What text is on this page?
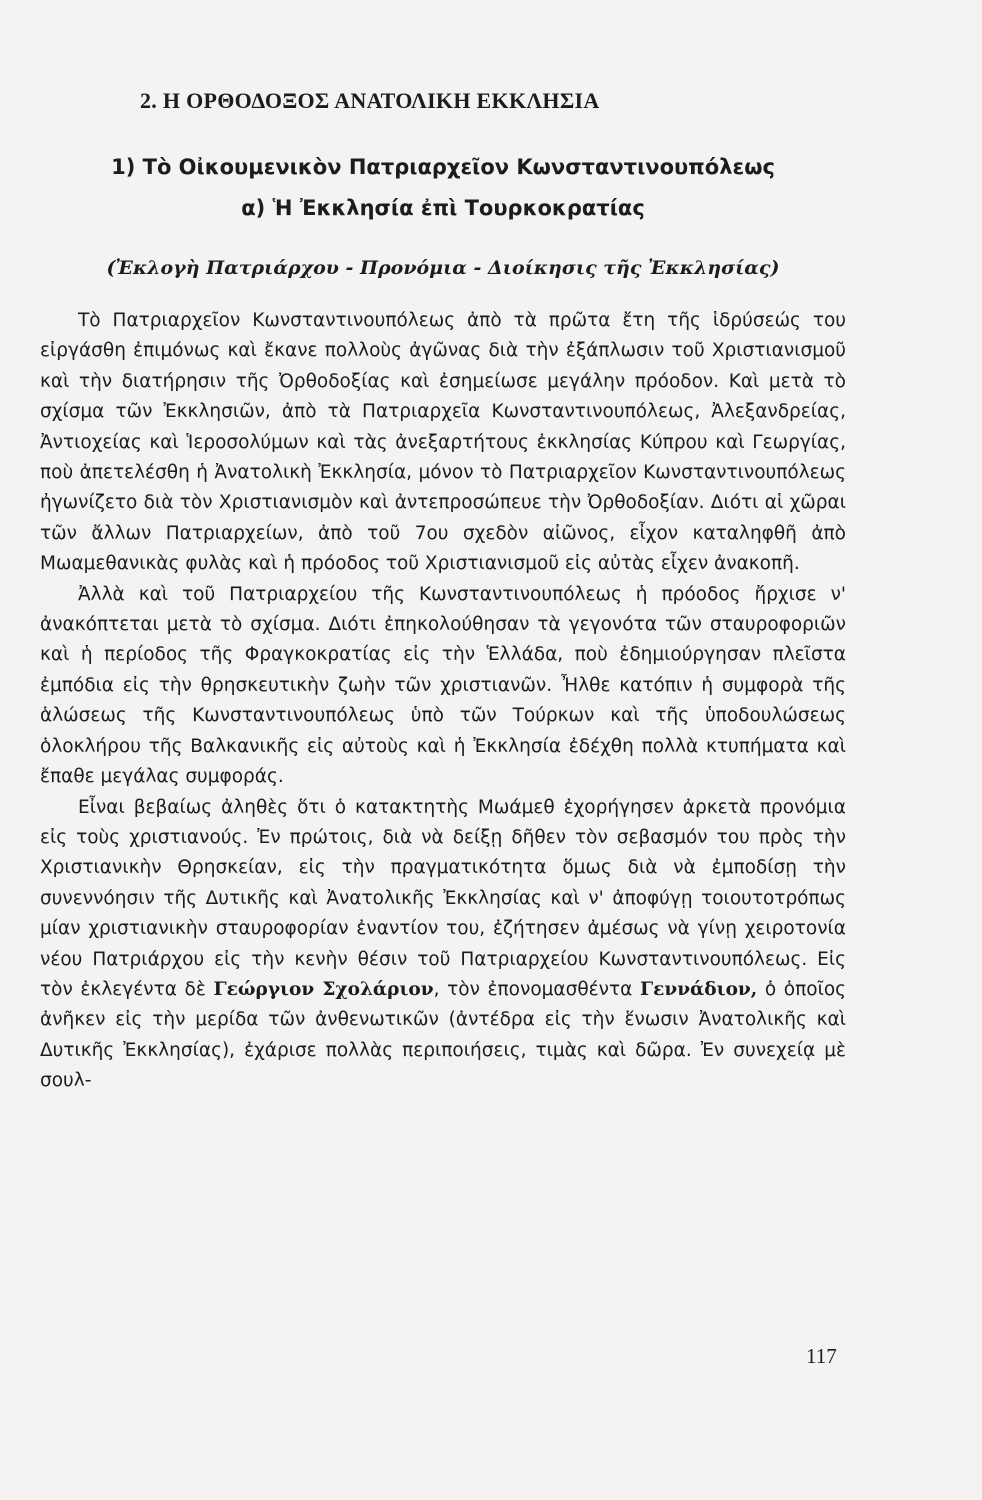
2. Η ΟΡΘΟΔΟΞΟΣ ΑΝΑΤΟΛΙΚΗ ΕΚΚΛΗΣΙΑ
1) Τὸ Οἰκουμενικὸν Πατριαρχεῖον Κωνσταντινουπόλεως
α) Ἡ Ἐκκλησία ἐπὶ Τουρκοκρατίας
(Ἐκλογὴ Πατριάρχου - Προνόμια - Διοίκησις τῆς Ἐκκλησίας)

Τὸ Πατριαρχεῖον Κωνσταντινουπόλεως ἀπὸ τὰ πρῶτα ἔτη τῆς ἱδρύσεώς του εἰργάσθη ἐπιμόνως καὶ ἔκανε πολλοὺς ἀγῶνας διὰ τὴν ἐξάπλωσιν τοῦ Χριστιανισμοῦ καὶ τὴν διατήρησιν τῆς Ὀρθοδοξίας καὶ ἐσημείωσε μεγάλην πρόοδον. Καὶ μετὰ τὸ σχίσμα τῶν Ἐκκλησιῶν, ἀπὸ τὰ Πατριαρχεῖα Κωνσταντινουπόλεως, Ἀλεξανδρείας, Ἀντιοχείας καὶ Ἱεροσολύμων καὶ τὰς ἀνεξαρτήτους ἐκκλησίας Κύπρου καὶ Γεωργίας, ποὺ ἀπετελέσθη ἡ Ἀνατολικὴ Ἐκκλησία, μόνον τὸ Πατριαρχεῖον Κωνσταντινουπόλεως ἠγωνίζετο διὰ τὸν Χριστιανισμὸν καὶ ἀντεπροσώπευε τὴν Ὀρθοδοξίαν. Διότι αἱ χῶραι τῶν ἄλλων Πατριαρχείων, ἀπὸ τοῦ 7ου σχεδὸν αἰῶνος, εἶχον καταληφθῆ ἀπὸ Μωαμεθανικὰς φυλὰς καὶ ἡ πρόοδος τοῦ Χριστιανισμοῦ εἰς αὐτὰς εἶχεν ἀνακοπῆ.

Ἀλλὰ καὶ τοῦ Πατριαρχείου τῆς Κωνσταντινουπόλεως ἡ πρόοδος ἤρχισε ν' ἀνακόπτεται μετὰ τὸ σχίσμα. Διότι ἐπηκολούθησαν τὰ γεγονότα τῶν σταυροφοριῶν καὶ ἡ περίοδος τῆς Φραγκοκρατίας εἰς τὴν Ἑλλάδα, ποὺ ἐδημιούργησαν πλεῖστα ἐμπόδια εἰς τὴν θρησκευτικὴν ζωὴν τῶν χριστιανῶν. Ἦλθε κατόπιν ἡ συμφορὰ τῆς ἁλώσεως τῆς Κωνσταντινουπόλεως ὑπὸ τῶν Τούρκων καὶ τῆς ὑποδουλώσεως ὁλοκλήρου τῆς Βαλκανικῆς εἰς αὐτοὺς καὶ ἡ Ἐκκλησία ἐδέχθη πολλὰ κτυπήματα καὶ ἔπαθε μεγάλας συμφοράς.

Εἶναι βεβαίως ἀληθὲς ὅτι ὁ κατακτητὴς Μωάμεθ ἐχορήγησεν ἀρκετὰ προνόμια εἰς τοὺς χριστιανούς. Ἐν πρώτοις, διὰ νὰ δείξῃ δῆθεν τὸν σεβασμόν του πρὸς τὴν Χριστιανικὴν Θρησκείαν, εἰς τὴν πραγματικότητα ὅμως διὰ νὰ ἐμποδίσῃ τὴν συνεννόησιν τῆς Δυτικῆς καὶ Ἀνατολικῆς Ἐκκλησίας καὶ ν' ἀποφύγῃ τοιουτοτρόπως μίαν χριστιανικὴν σταυροφορίαν ἐναντίον του, ἐζήτησεν ἀμέσως νὰ γίνῃ χειροτονία νέου Πατριάρχου εἰς τὴν κενὴν θέσιν τοῦ Πατριαρχείου Κωνσταντινουπόλεως. Εἰς τὸν ἐκλεγέντα δὲ Γεώργιον Σχολάριον, τὸν ἐπονομασθέντα Γεννάδιον, ὁ ὁποῖος ἀνῆκεν εἰς τὴν μερίδα τῶν ἀνθενωτικῶν (ἀντέδρα εἰς τὴν ἕνωσιν Ἀνατολικῆς καὶ Δυτικῆς Ἐκκλησίας), ἐχάρισε πολλὰς περιποιήσεις, τιμὰς καὶ δῶρα. Ἐν συνεχείᾳ μὲ σουλ-

117
